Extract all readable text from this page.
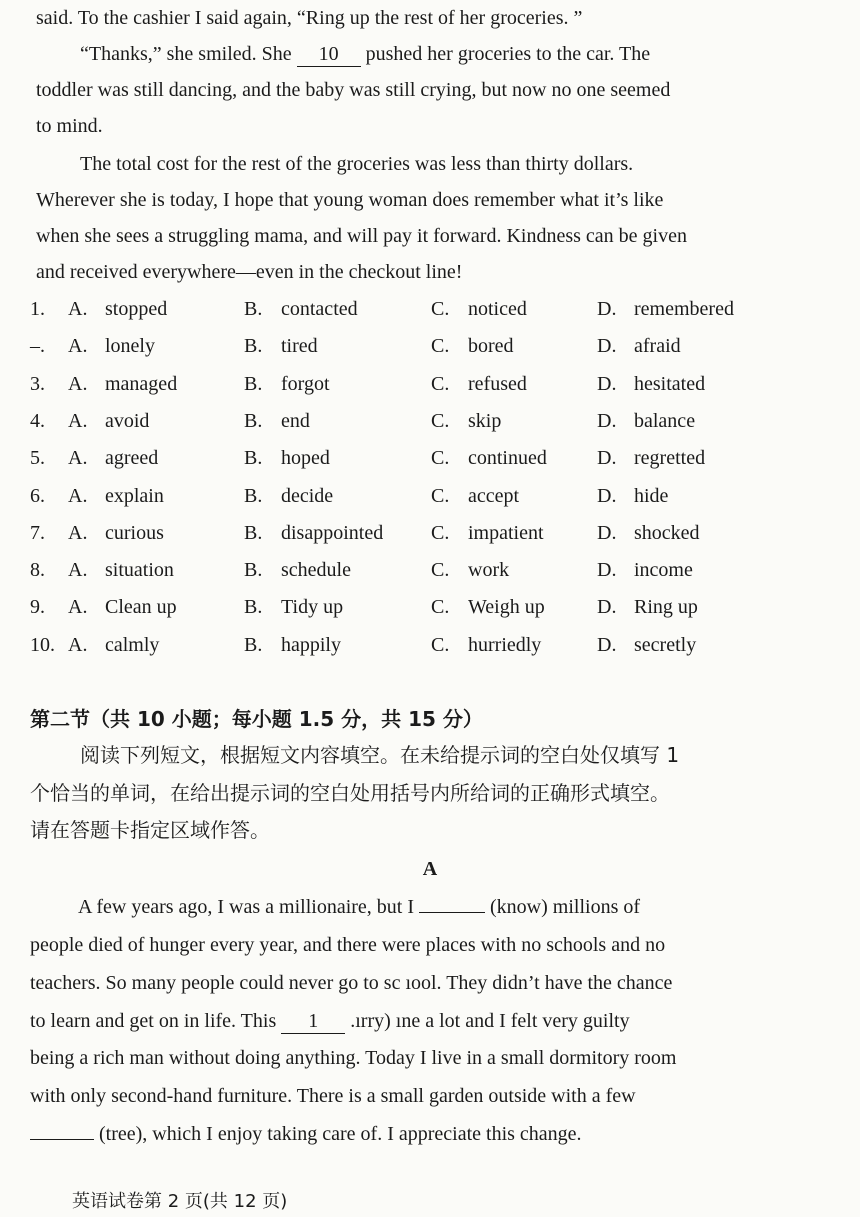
said. To the cashier I said again, “Ring up the rest of her groceries. ”
“Thanks,” she smiled. She 10 pushed her groceries to the car. The
toddler was still dancing, and the baby was still crying, but now no one seemed
to mind.
The total cost for the rest of the groceries was less than thirty dollars.
Wherever she is today, I hope that young woman does remember what it’s like
when she sees a struggling mama, and will pay it forward. Kindness can be given
and received everywhere—even in the checkout line!
1. A. stopped	B. contacted	C. noticed	D. remembered
–. A. lonely	B. tired	C. bored	D. afraid
3. A. managed	B. forgot	C. refused	D. hesitated
4. A. avoid	B. end	C. skip	D. balance
5. A. agreed	B. hoped	C. continued	D. regretted
6. A. explain	B. decide	C. accept	D. hide
7. A. curious	B. disappointed C. impatient	D. shocked
8. A. situation	B. schedule	C. work	D. income
9. A. Clean up	B. Tidy up	C. Weigh up	D. Ring up
10. A. calmly	B. happily	C. hurriedly	D. secretly
第二节（共 10 小题；每小题 1.5 分，共 15 分）
阅读下列短文，根据短文内容填空。在未给提示词的空白处仅填写 1
个恰当的单词，在给出提示词的空白处用括号内所给词的正确形式填空。
请在答题卡指定区域作答。
A
A few years ago, I was a millionaire, but I	(know) millions of
people died of hunger every year, and there were places with no schools and no
teachers. So many people could never go to sc ıool. They didn’t have the chance
to learn and get on in life. This 1 .ırry) ıne a lot and I felt very guilty
being a rich man without doing anything. Today I live in a small dormitory room
with only second-hand furniture. There is a small garden outside with a few
(tree), which I enjoy taking care of. I appreciate this change.
英语试卷第 2 页(共 12 页)
